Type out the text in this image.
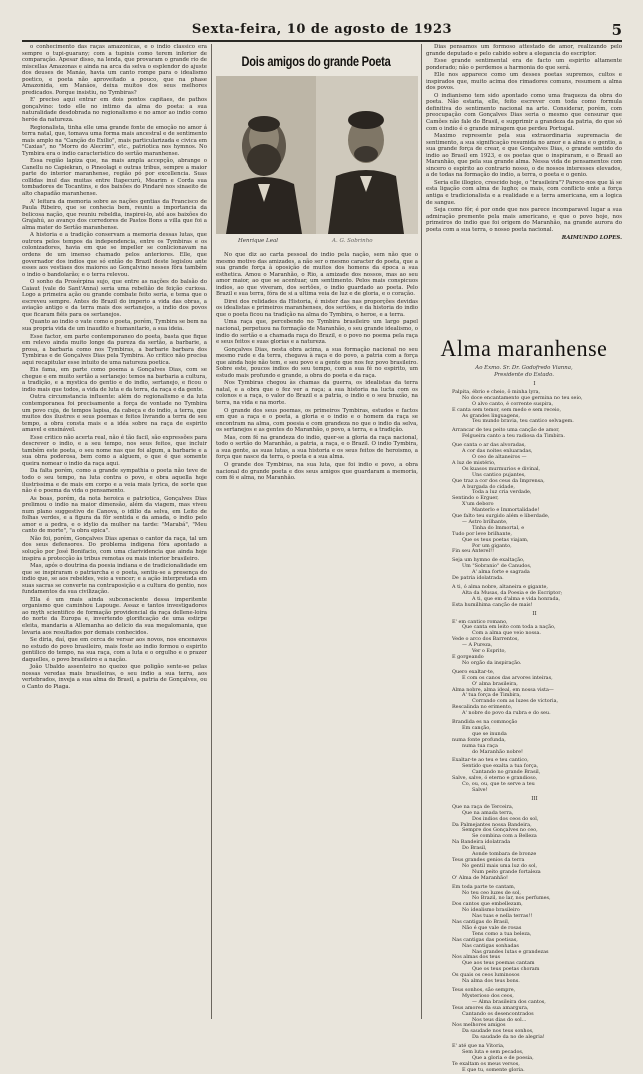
Sexta-feira, 10 de agosto de 1923	5

o conhecimento das raças amazonicas, e o indio classico era sempre o tupi-guarany; com a tupinis como terem inferior de comparação. Apesar disso, na lenda, que provaram o grande rio de miscellas Amazonas e ainda na arca da selva o esplendor do ajuste dos deuses de Manáo, havia um canto rompe para o idealismo poetico, e poeta não aproveitado a pouco, que na phase Amazonida, em Manáos, deixa muitos dos seus melhores predicados. Porque insistiu, no Tymbiras?

E' preciso aqui entrar em dois pontos capitaes, de pathos gonçalvino: todo elle no intimo da alma do poeta: a sua naturalidade desdobrada no regionalismo e no amor ao indio como heróe da natureza.

Regionalista, tinha elle uma grande fonte de emoção no amor á terra natal, que, tomava uma forma mais ancestral e de sentimento mais amplo na "Canção do Exilio", mais particularizada e civica em "Caxias", no "Morro do Alecrim", etc., patriotica nos hymnos. No Tymbira era o indio caracteristico do sertão maranhense.

Essa região lapiza que, na mais ampla accepção, abrange o Canellu no Capiekran, o Pineolagi e outras tribus, sempre a maior parte do interior maranhense, região pó por excellencia. Suas collidas inul das muitas entre Itapecurú, Mearim e Corda sua tombadores de Tocantins, e dos baixões do Pindaré nos sinaeito de alto chapadão maranhense.

A' leitura da memoria sobre as nações gentias da Francisco de Paula Ribeiro, que se conhecia bem, reuniu a importancia da belicosa nação, que reuniu rebeldia, inspirei-lo, até aos baixões do Grajahú, ao avanço dos corredores de Pastos Bons a villa que foi a alma mater do Sertão maranhense.

A historia e a tradição conservam a memoria dessas lutas, que outrora pelos tempos da independencia, entre os Tymbiras e os colonizadores, havia em que se impeller se conlicionavam na ordens de um imenso chamado pelos anteriores. Elle, que governador dos indios que só então do Brazil deste legislou ante esses aos vestiaes dos maiores ao Gonçalvino nesses fôra também o indio o bandolarão; e o terra relevou.

O sonho da Prosérpina sujo, que entre as nações do balsão do Caiaut (vale do Sant'Anna) seria uma rebelião de feição curiosa. Logo a primeira ação ou grande combate feito seria, e tema que o escreveu sempre. Antes do Brazil do imperio a vida das obras, a aviação antigo e da terra mais dos sertanejos, a indio dos povos que ficaram fiéis para os sertanejos.

Quanto ao indio o vate como o poeta, porém, Tymbira se bem na sua propria vida de um inaudito e humanitario, a sua ideia.

Esse factor, em parte contemporaneo do poeta, basta que fique em relevo ainda muito longe da pureza da sertão, a barbarie, a prosa, a barbaria como nos Tymbiras, a barbarie barbara dos Tymbiras e de Gonçalves Dias pela Tymbira. Ao critico não precisa aqui recapitular esse intuito de uma natureza poetica.

Eis fama, em parte como poema a Gonçalves Dias, com se chegue e em muito sertão a sertanejo: temos na barbaria a cultura, a tradição, e a mystica do gentio e do indio, sertanejo, e ficou o indio mais que todos, a vida de luta e da terra, da raça e da gente.

Outra circumstancia influente: além do regionalismo e da luta contemporanea foi precisamente a força de vontade no Tymbira um povo cuja, de tempos lapisa, da cabeça e do indio, a terra, que muitos dos ilustres e seus poemas e feitos livrando a terra de seu tempo, a obra consta mais e a idéa sobre na raça de espirito amavel e ensinável.

Esse critico não acerta real, não é tão facil, são expressões para descrever o indio, e a seu tempo, nos seus feitos, que incluir também este poeta, o seu nome nas que foi algum, a barbarie e a sua obra poderosa, bem como a alguem, o que é que somente queira nomear o indio da raça aqui.

Da falta porém, como a grande sympathia o poeta não teve de todo o seu tempo, na luta contra o povo, e obra aquella hoje ilustrissima e de mais em corpo e a veia mais lyrica, de sorte que não é o poema da vida o pensamento.

As boas, porém, da nota heroica e patriotica, Gonçalves Dias prelimou o indio na maior dimensão, além da viagem, mas viveu num plano suggestivo de Canova, o idilio da selva, em Leito de folhas verdes, e a figura da fôr sentida e da amada, o indio pelo amor e a pedra, e o idylio da mulher na tarde: "Marabá", "Meu canto de morte", "a obra epica".

Não foi, porém, Gonçalves Dias apenas o cantor da raça, tal um dos seus defensores. Do problema indigena fóra apontado a solução por José Bonifacio, com uma clarividencia que ainda hoje inspira a protecção às tribus remotas ou mais interior brasileiro.

Mas, após o doutrina da poesia indiana e de tradicionalidade em que se inspiraram o patriarcha e o poeta, sentiu-se a presença do indio que, se aos rebeldes, veio a vencer; e a ação interpretada em suas sacras se converte na contraposição e a cultura do gentio, nos fundamentos da sua civilização.

Ella é um mais ainda subconsciente dessa imperitente organismo que caminhou Lapouge. Assaz e tantos investigadores ao myth scientifico de formação providencial da raça dellene-loira do norte da Europa e, invertendo glorificação de uma estirpe eleita, mandaria a Allemanha ao delicio da sua megalomania, que levaria aos resultados por demais conhecidos.

Se diria, daí, que em cerca de versar aos novos, nos encenavos no estudo do povo brasileiro, mais foste ao indio formou o espirito gentilico do tempo, na sua raça, com a luta e o orgulho e o prazer daquelles, o povo brasileiro e a nação.

João Ubaldo assenteiro no queixo que poligão sente-se pelas nossas veredas mais brasileiras, o seu indio a sua terra, aos vertebrados, inveja a sua alma do Brasil, a patria de Gonçalves, ou o Canto do Piaga.

Dois amigos do grande Poeta
Henrique Leal	A. G. Sobrinho

No que diz ao carta pessoal do indio pela nação, sem não que o mesmo motivo das amizades, a não ser o mesmo caracter do poeta, que a sua grande força à oposição de muitos dos homens da época a sua esthetica. Amou o Maranhão, o Rio, a amizade dos nossos, mas ao seu amor maior, ao que se acentuar, um sentimento. Pelos mais conspicuos indios, ao que viveram, dos sertões, o indio guardado ao poeta. Pelo Brazil e sua terra, fóra de si a ultima veia de luz e de gloria, e o coração.

Direi dos relidades da Historia, é mister das nas proporções devidas os idealistas e primeiros maranhenses, dos sertões, e da historia do indio que o poeta ficou na tradição na alma do Tymbira, o heroe, e a terra.

Uma raça que, percebendo no Tymbira brasileiro um largo papel nacional, perpetuou na formação de Maranhão, o seu grande idealismo, o indio do sertão e a chamada raça do Brazil, e o povo no poema pela raça e seus feitos e suas glorias e a natureza.

Gonçalves Dias, nesta obra acima, a sua formação nacional no seu mesmo rude e da terra, chegava à raça e do povo, a patria com a força que ainda hoje não tem, e seu povo e a gente que nos fez povo brasileiro. Sobre este, poucos indios do seu tempo, com a sua fé no espirito, um estudo mais profundo e grande, a obra do poeta e da raça.

Nos Tymbiras chegou às chamas da guerra, os idealistas da terra natal, e a obra que o fez ver a raça; a sua historia na lucta com os colonos e a raça, o valor do Brazil e a patria, o indio e o seu brazão, na terra, na vida e na morte.

O grande dos seus poemas, os primeiros Tymbiras, estudos e factos em que a raça e o poeta, a gloria e o indio e o homem da raça se encontram na alma, com poesia e com grandeza no que o indio da selva, os sertanejos e as gentes do Maranhão, o povo, a terra, e a tradição.

Mas, com fé na grandeza do indio, quer-se a gloria da raça nacional, todo o sertão do Maranhão, a patria, a raça, e o Brazil. O indio Tymbira, a sua gente, as suas lutas, a sua historia e os seus feitos de heroismo, a força que nasce da terra, o poeta e a sua alma.

O grande dos Tymbiras, na sua luta, que foi indio e povo, a obra nacional do grande poeta e dos seus amigos que guardaram a memoria, com fé e alma, no Maranhão.

Dias pensamos um formoso attestado de amor, realizando pelo grande deputado e pelo cabido sobre a elegancia do escriptor.

Esse grande sentimental era de facto um espirito altamente ponderado; não o perdemos a harmonia do que será.

Elle nos apparece como um desses poetas supremos, cultos e inspirados que, muito acima dos rimadores comuns, resumem a alma dos povos.

O indianismo tem sido apontado como uma fraqueza da obra do poeta. Não estaria, elle, feito escrever com toda como formula definitiva do sentimento nacional na arte. Considerar, porém, com preocupação com Gonçalves Dias seria o mesmo que censurar que Camões não fale do Brasil, e supprimir a grandeza da patria, do que só com o indio é o grande miragem que perdeu Portugal.

Maximo represente pela sua extraordinaria supremacia de sentimento, a sua significação resumida no amor e a alma e o gentio, a sua grande força de crear, e que Gonçalves Dias, o grande sentido do indio ao Brasil em 1923, e os poetas que o inspiraram, e o Brasil ao Maranhão, que pela sua grande alma. Nessa vida de pensamentos com sincero o espirito ao contrario nosso, o de nossos interesses elevados, a de todas na formação do indio, a terra, o poeta e o genio.

Seria elle illogico, crescido hoje, o "brasileira"? Parece-nos que lá se esta ligação com alma de lugho; os mais, com conflicto ente a força antiga e tradicionalista e a realidade e a terra americana, em a logica de sangue.

Seja como fôr, é por onde que nos parece incomparavel lugar a sua admiração premente pela mais americano, e que o povo hoje, nos primeiros do indio que foi origem do Maranhão, na grande aurora do poeta com a sua terra, o nosso poeta nacional.

RAIMUNDO LOPES.

Alma maranhense
Ao Exmo. Sr. Dr. Godofredo Vianna,
Presidente do Estado.
I
Palpita, ébrio e cheio, ô minha lyra,
No doce encantamento que germina no teu seio,
O alvo canto, é corrente suspira,
E canta sem temor, sem medo e sem receio,
As grandes linguagens,
Teu mundo bravia, teu cantico selvagem.
Arrancar de teu peito uma canção de amor,
Felgueira canto a teu radiosa da Timbira.
Que canta o ar das alvoradas,
A cor das noites enluaradas,
O ceo de altaneiros —
A luz de mistério,
Os kuasos murmurios e divinal,
Uns cantico pujantes,
Que traz a cor dos ceus da Imprensa,
A burgada do cidade,
Toda a luz cria verdade,
Sentindo o Erguer,
X'um deboro
Manterlo e Immortalidade!
Que falto teu surgido além e liberdade,
— Astro brilhante,
Tinha do Immortal, e
Tudo por leve brilhante,
Que os teus poetas viajam,
Por um giganto,
Fin seu Anterel!!
Seja um hymno de exaltação,
Um "Sobranio" de Canudos,
A' alma forte e sagrada
De patria idolatrada.
A ti, ó alma nobre, altaneira e gigante,
Alta da Musas, da Poesia e de Escriptor;
A ti, que em d'alma e vida honrada,
Esta humilhima canção de mais!
II
E' em cantico romano,
Que canta em leito com toda a nação,
Com a alma que veio nossa.
Vede o arco dos Barrentos,
— A Pureza,
Ver o Esprito,
E gorgeando
No orgão da inspiração.
Quero exaltar-te,
E com os canos das arvores inteiras,
O' alma brasileira,
Alma nobre, alma ideal, em nossa vista—
A' tua força de Timbira,
Corrando com as luzes de victoria,
Rescalinda no erimento,
A' nobre do povo da rubra e do seu.
Brandida es na commoção
Em canção,
que se inunda
numa fonte profunda,
numa tua raça
do Maranhão nobre!
Exaltar-te ao teu e teu cantico,
Sentido que exalta a tua força,
Cantando no grande Brasil,
Salve, salve, ó eterno e grandioso,
Co, ou, ou, que te serve a teu
Salve!
III
Que na raça de Terceira,
Que na amada terra,
Dos indios dos ceos do sol,
Da Palmejantes nossa Bandeira,
Sempre dos Gonçalves no ceo,
Se combina com a Belleza
Na Bandeira idolatrada
Do Brasil,
Aonde tombara de bronze
Teus grandes genios da terra
No gentil mais uma luz do sol,
Num peito grande fortaleza
O' Alma de Maranhão!
Em toda parte te cantam,
No teu ceo luzes de sol,
No Brazil, no lar, nos perfumes,
Dos cantos que embellezam,
No idealismo brasileiro
Nas tuas e nella terras!!
Nas cantigas do Brasil,
Não é que vale de rosas
Tens como a tua beleza,
Nas cantigas das poetisas,
Nas cantigas sonhadas
Nas grandes lutas e grandezas
Nos almas dos teus
Que aos teus poemas cantam
Que os teus poetas choram
Os quais os ceos luminosos
Na alma dos teus bons.
Teus sonhos, são sempre,
Mysterioso dos ceos,
— Alma brasileira dos cantos,
Teus amores da sua amargura,
Cantando os desencontrados
Nos teus dias do sol...
Nos melhores amigos
Da saudade nos teus sonhos,
Da saudade da no de alegria!
E' até que na Vitoria,
Sem luta e sem pecados,
Que a gloria e de poesia,
Te exaltam os meus versos,
E que tu, somente gloria.
